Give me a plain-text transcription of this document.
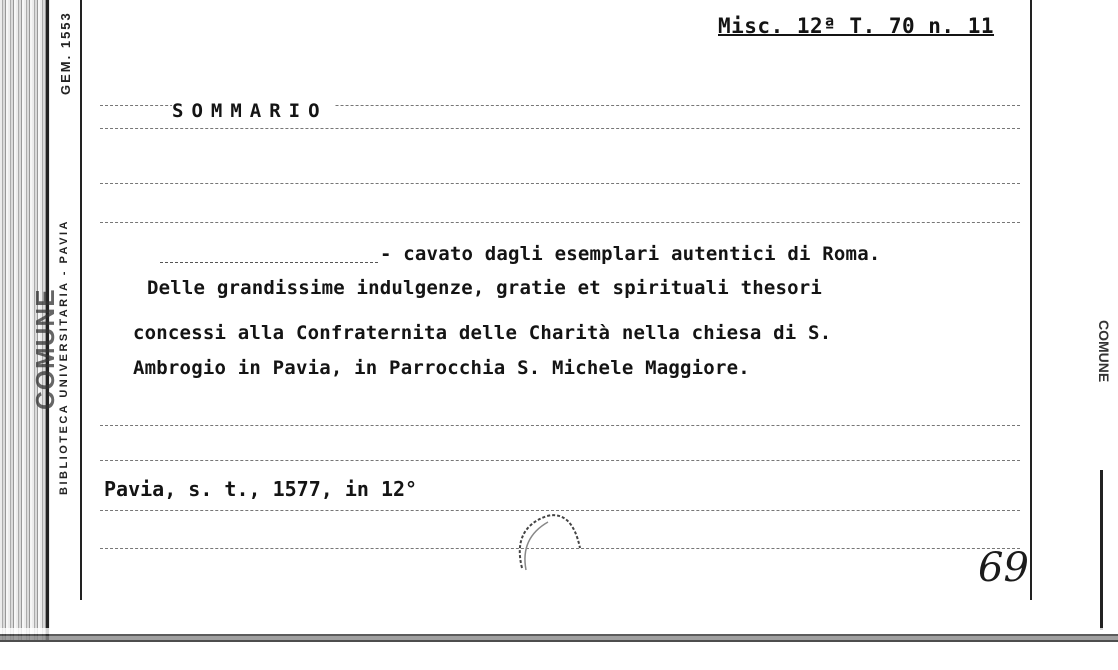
COMUNE
BIBLIOTECA UNIVERSITARIA - PAVIA
GEM. 1553	Misc. 12ª T. 70 n. 11
SOMMARIO
- cavato dagli esemplari autentici di Roma.
Delle grandissime indulgenze, gratie et spirituali thesori
concessi alla Confraternita delle Charità nella chiesa di S.
Ambrogio in Pavia, in Parrocchia S. Michele Maggiore.
Pavia, s. t., 1577, in 12°
69
COMUNE
